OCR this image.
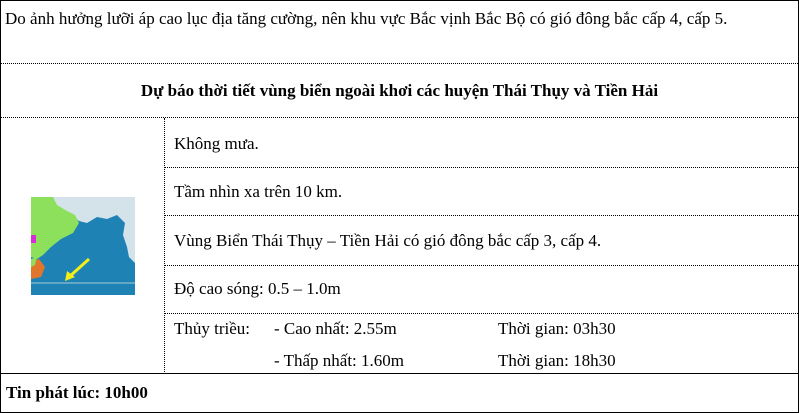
Do ảnh hưởng lưỡi áp cao lục địa tăng cường, nên khu vực Bắc vịnh Bắc Bộ có gió đông bắc cấp 4, cấp 5.
Dự báo thời tiết vùng biển ngoài khơi các huyện Thái Thụy và Tiền Hải
Không mưa.
Tầm nhìn xa trên 10 km.
Vùng Biển Thái Thụy – Tiền Hải có gió đông bắc cấp 3, cấp 4.
Độ cao sóng: 0.5 – 1.0m
Thủy triều: - Cao nhất: 2.55m	Thời gian: 03h30
- Thấp nhất: 1.60m	Thời gian: 18h30
Tin phát lúc: 10h00
